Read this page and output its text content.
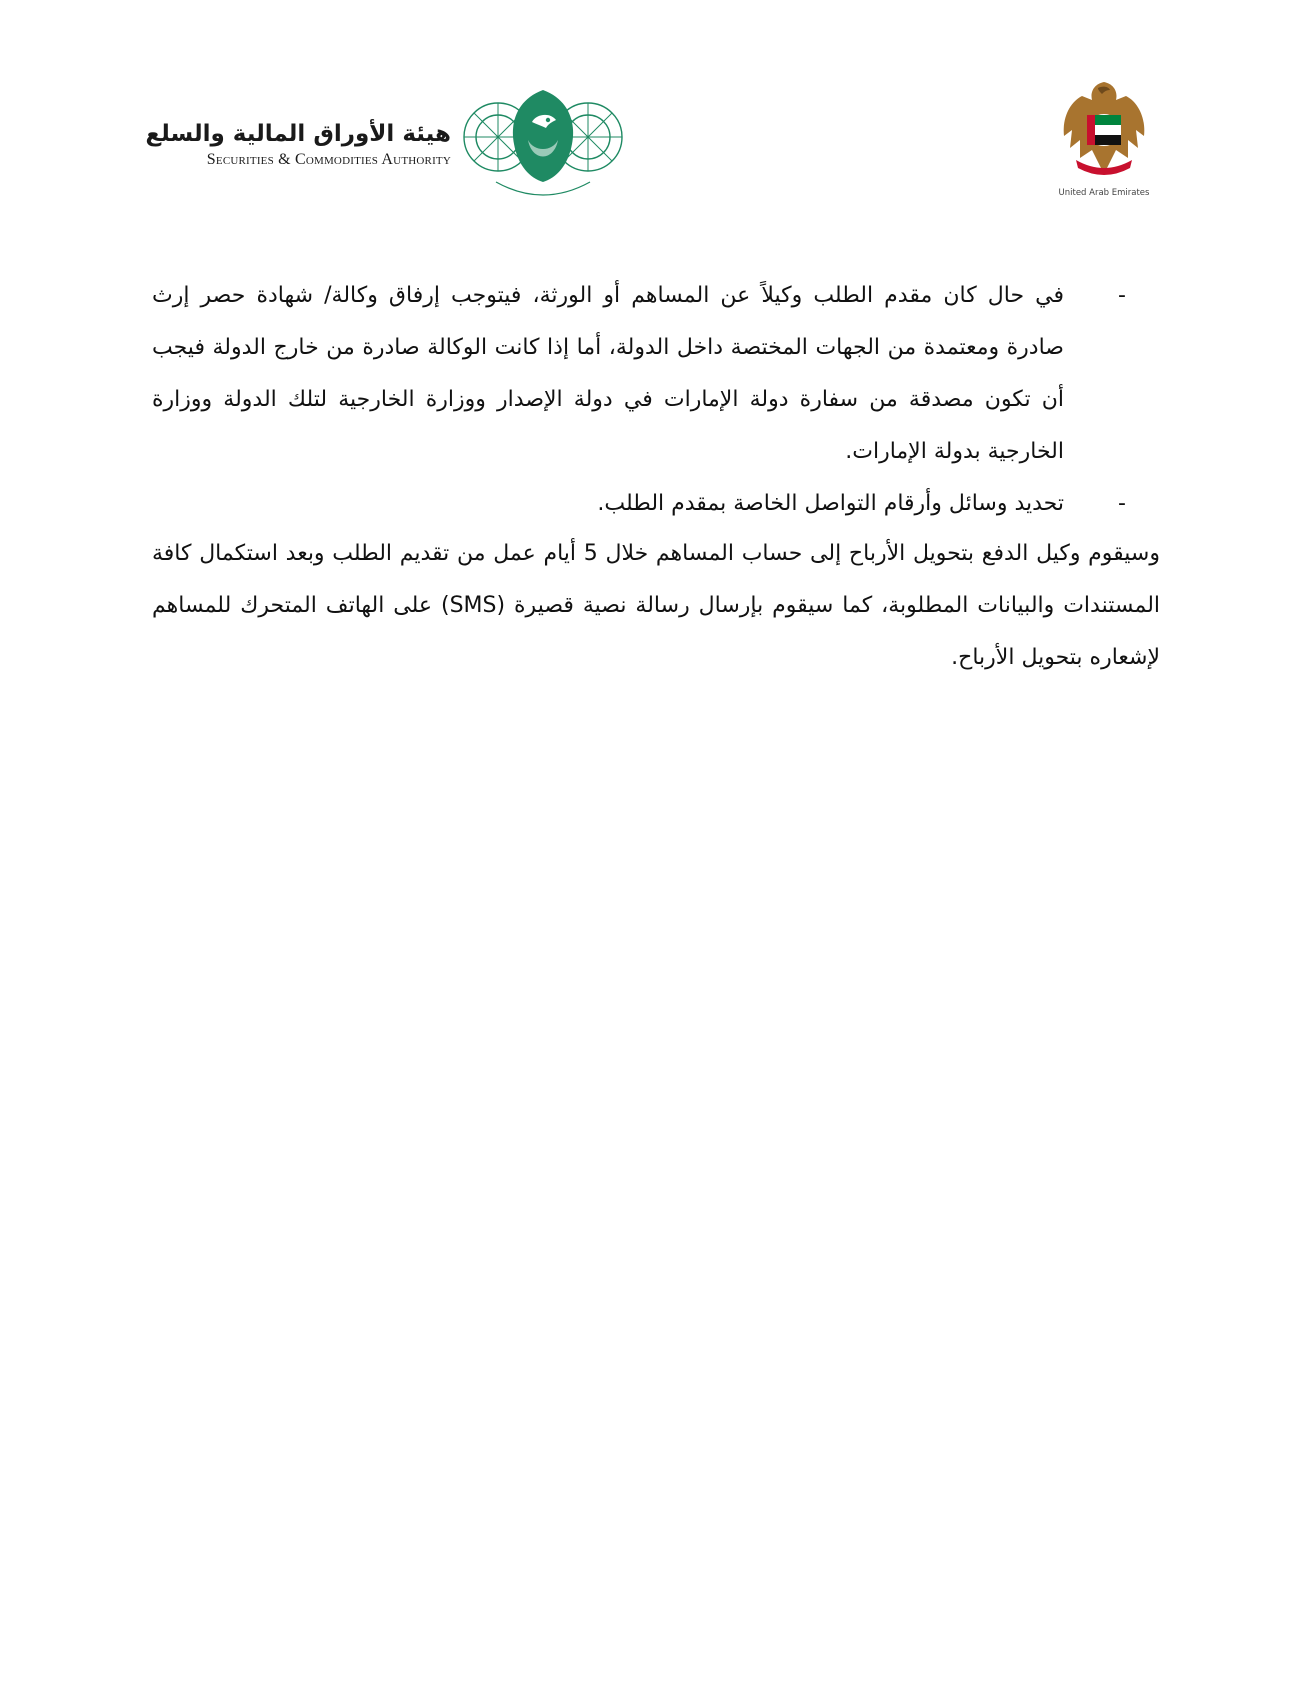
هيئة الأوراق المالية والسلع
Securities & Commodities Authority
United Arab Emirates
-
في حال كان مقدم الطلب وكيلاً عن المساهم أو الورثة، فيتوجب إرفاق وكالة/ شهادة حصر إرث صادرة ومعتمدة من الجهات المختصة داخل الدولة، أما إذا كانت الوكالة صادرة من خارج الدولة فيجب أن تكون مصدقة من سفارة دولة الإمارات في دولة الإصدار ووزارة الخارجية لتلك الدولة ووزارة الخارجية بدولة الإمارات.
-
تحديد وسائل وأرقام التواصل الخاصة بمقدم الطلب.

وسيقوم وكيل الدفع بتحويل الأرباح إلى حساب المساهم خلال 5 أيام عمل من تقديم الطلب وبعد استكمال كافة المستندات والبيانات المطلوبة، كما سيقوم بإرسال رسالة نصية قصيرة (SMS) على الهاتف المتحرك للمساهم لإشعاره بتحويل الأرباح.
